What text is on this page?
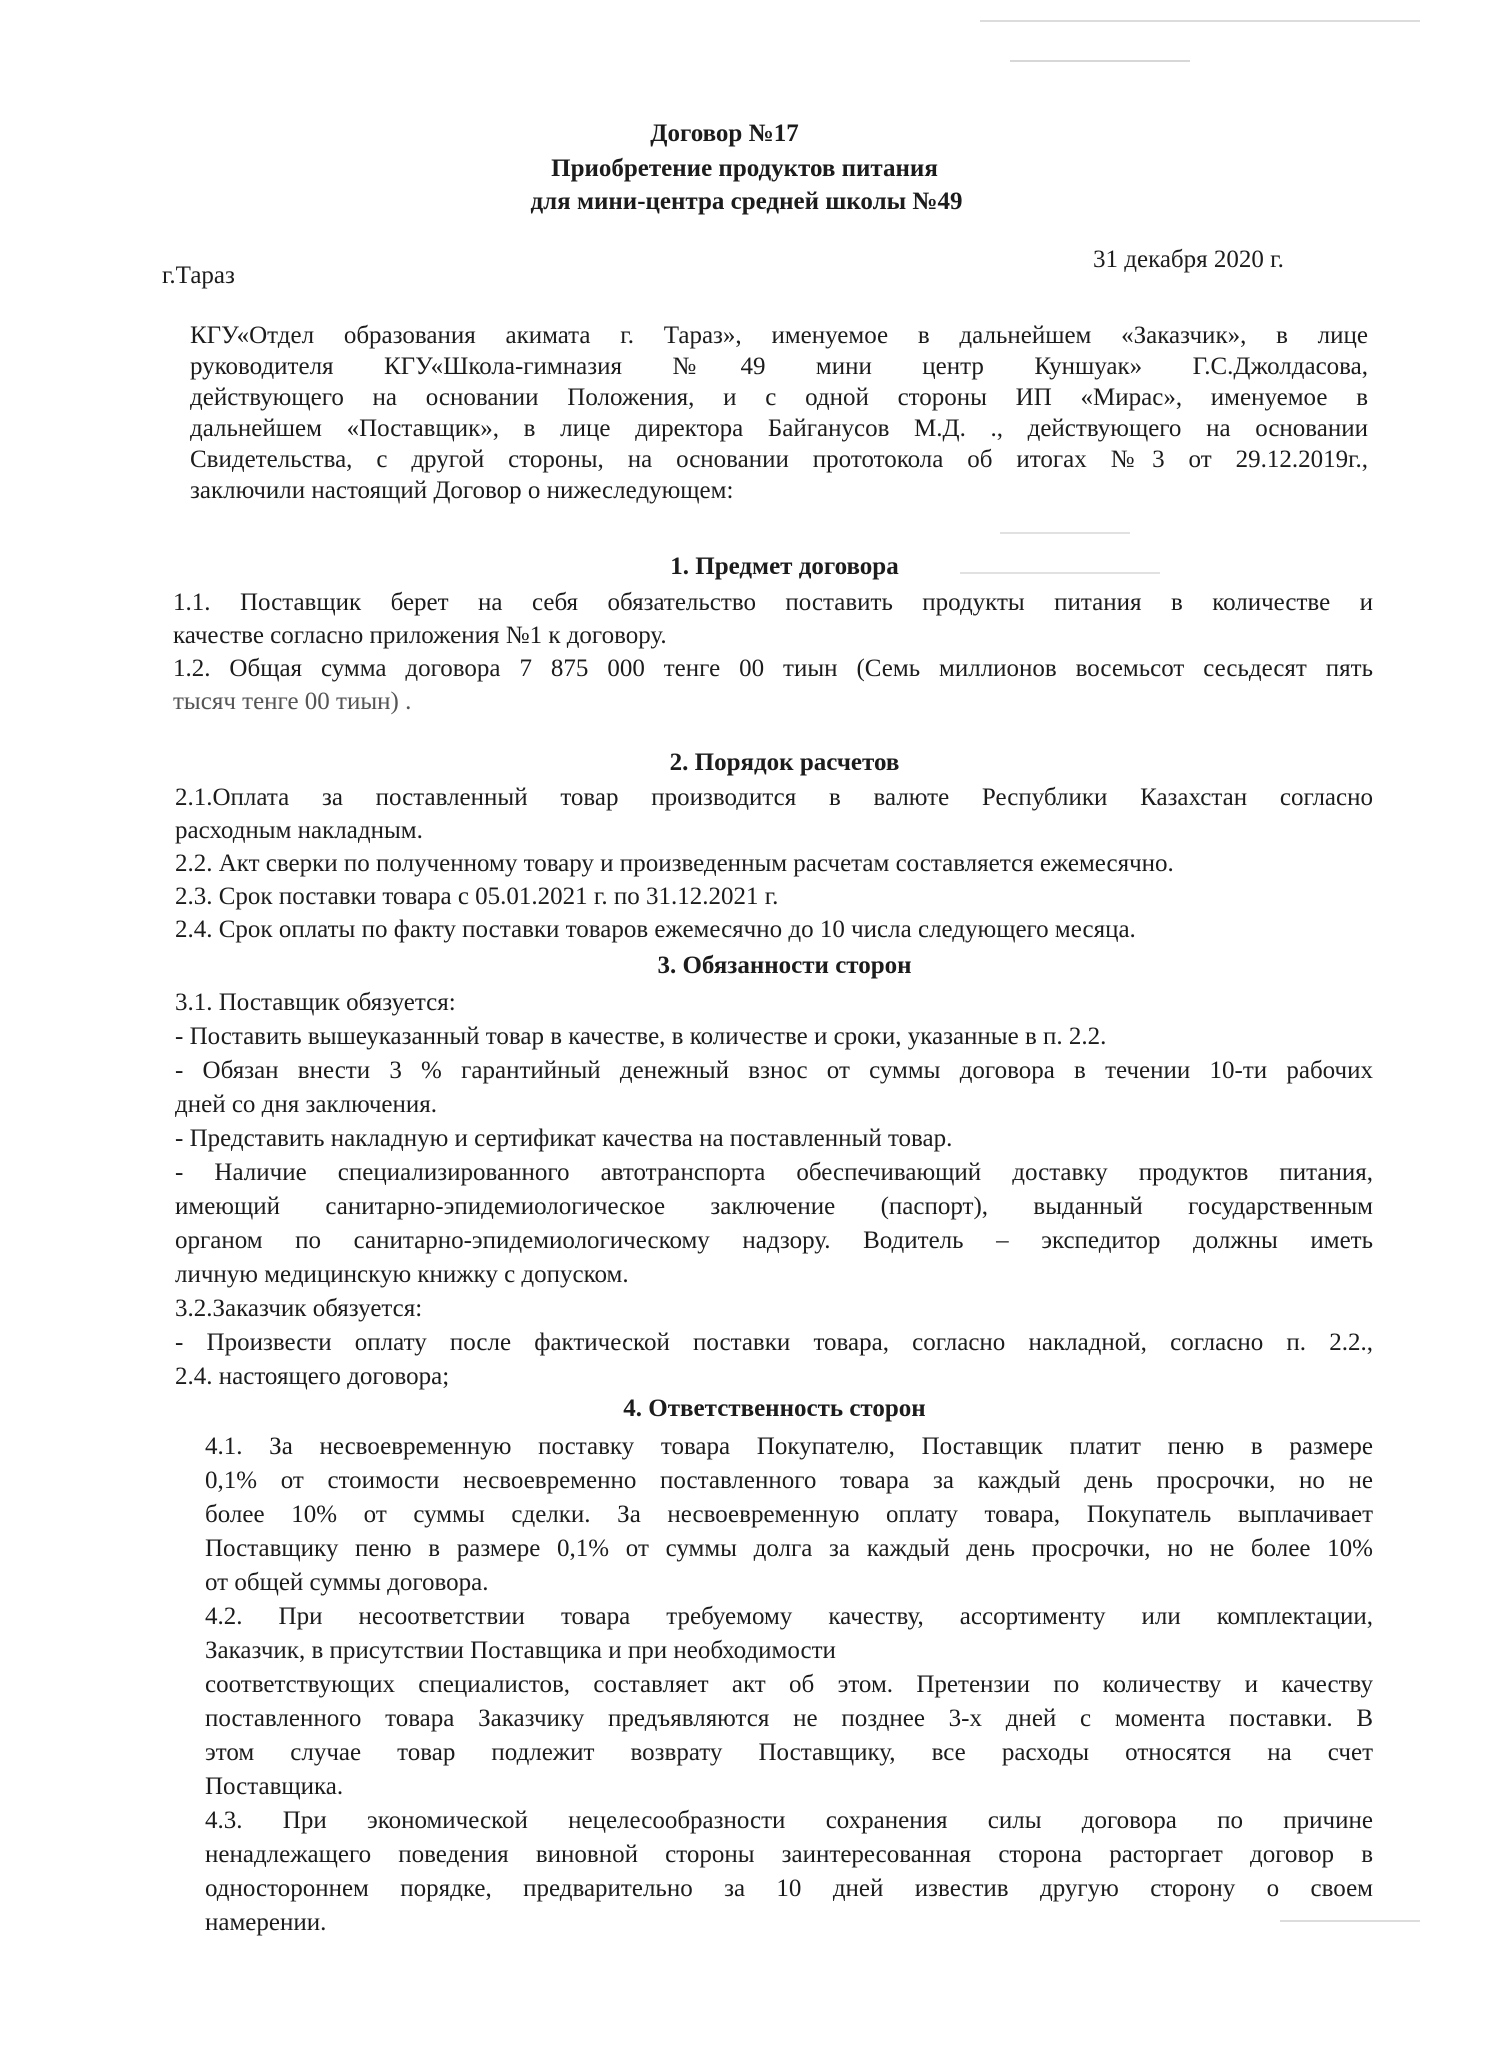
Договор №17
Приобретение продуктов питания
для мини-центра средней школы №49
г.Тараз
31 декабря 2020 г.
КГУ«Отдел образования акимата г. Тараз», именуемое в дальнейшем «Заказчик», в лице
руководителя КГУ«Школа-гимназия №49 мини центр Куншуак» Г.С.Джолдасова,
действующего на основании Положения, и с одной стороны ИП «Мирас», именуемое в
дальнейшем «Поставщик», в лице директора Байганусов М.Д. ., действующего на основании
Свидетельства, с другой стороны, на основании прототокола об итогах №3 от 29.12.2019г.,
заключили настоящий Договор о нижеследующем:
1. Предмет договора
1.1. Поставщик берет на себя обязательство поставить продукты питания в количестве и
качестве согласно приложения №1 к договору.
1.2. Общая сумма договора 7 875 000 тенге 00 тиын (Семь миллионов восемьсот сесьдесят пять
тысяч тенге 00 тиын) .
2. Порядок расчетов
2.1.Оплата за поставленный товар производится в валюте Республики Казахстан согласно
расходным накладным.
2.2. Акт сверки по полученному товару и произведенным расчетам составляется ежемесячно.
2.3. Срок поставки товара с 05.01.2021 г. по 31.12.2021 г.
2.4. Срок оплаты по факту поставки товаров ежемесячно до 10 числа следующего месяца.
3. Обязанности сторон
3.1. Поставщик обязуется:
- Поставить вышеуказанный товар в качестве, в количестве и сроки, указанные в п. 2.2.
- Обязан внести 3 % гарантийный денежный взнос от суммы договора в течении 10-ти рабочих
дней со дня заключения.
- Представить накладную и сертификат качества на поставленный товар.
- Наличие специализированного автотранспорта обеспечивающий доставку продуктов питания,
имеющий санитарно-эпидемиологическое заключение (паспорт), выданный государственным
органом по санитарно-эпидемиологическому надзору. Водитель – экспедитор должны иметь
личную медицинскую книжку с допуском.
3.2.Заказчик обязуется:
- Произвести оплату после фактической поставки товара, согласно накладной, согласно п. 2.2.,
2.4. настоящего договора;
4. Ответственность сторон
4.1. За несвоевременную поставку товара Покупателю, Поставщик платит пеню в размере
0,1% от стоимости несвоевременно поставленного товара за каждый день просрочки, но не
более 10% от суммы сделки. За несвоевременную оплату товара, Покупатель выплачивает
Поставщику пеню в размере 0,1% от суммы долга за каждый день просрочки, но не более 10%
от общей суммы договора.
4.2. При несоответствии товара требуемому качеству, ассортименту или комплектации,
Заказчик, в присутствии Поставщика и при необходимости
соответствующих специалистов, составляет акт об этом. Претензии по количеству и качеству
поставленного товара Заказчику предъявляются не позднее 3-х дней с момента поставки. В
этом случае товар подлежит возврату Поставщику, все расходы относятся на счет
Поставщика.
4.3. При экономической нецелесообразности сохранения силы договора по причине
ненадлежащего поведения виновной стороны заинтересованная сторона расторгает договор в
одностороннем порядке, предварительно за 10 дней известив другую сторону о своем
намерении.
